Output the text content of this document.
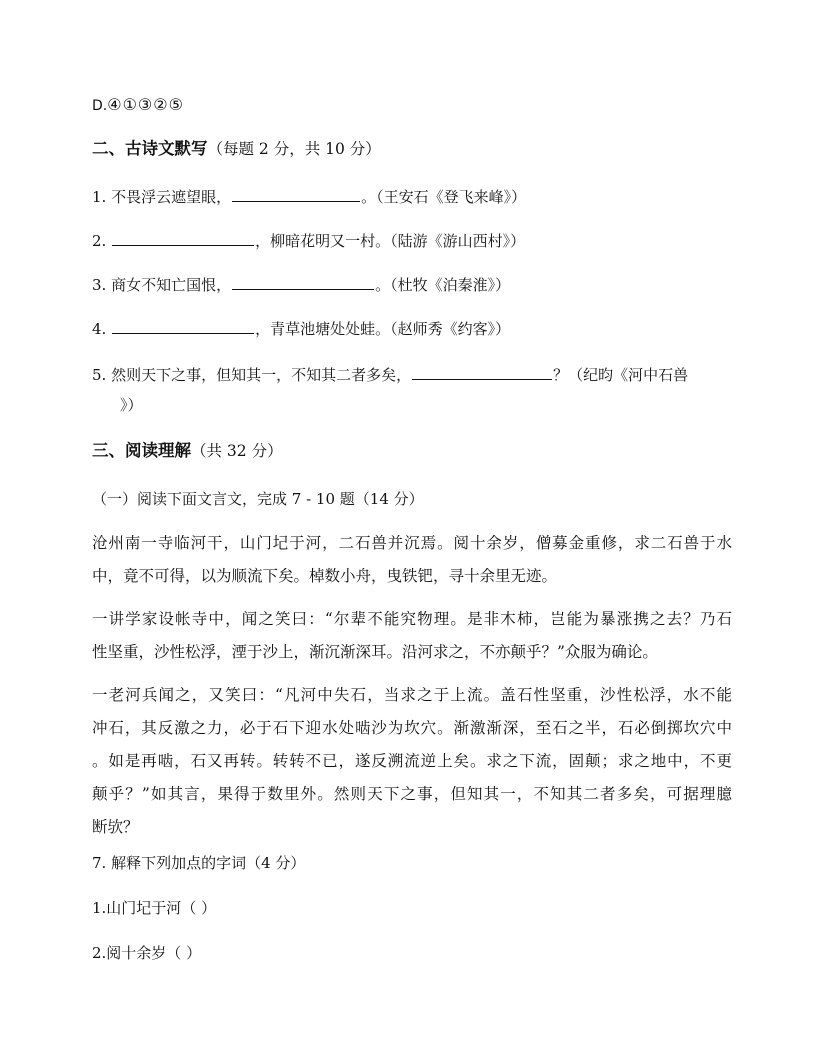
D.④①③②⑤
二、古诗文默写（每题 2 分，共 10 分）
1. 不畏浮云遮望眼，	。（王安石《登飞来峰》）
2.	，柳暗花明又一村。（陆游《游山西村》）
3. 商女不知亡国恨，	。（杜牧《泊秦淮》）
4.	，青草池塘处处蛙。（赵师秀《约客》）
5. 然则天下之事，但知其一，不知其二者多矣，	？（纪昀《河中石兽
》）
三、阅读理解（共 32 分）
（一）阅读下面文言文，完成 7 - 10 题（14 分）
沧州南一寺临河干，山门圮于河，二石兽并沉焉。阅十余岁，僧募金重修，求二石兽于水
中，竟不可得，以为顺流下矣。棹数小舟，曳铁钯，寻十余里无迹。
一讲学家设帐寺中，闻之笑曰：“尔辈不能究物理。是非木柿，岂能为暴涨携之去？乃石
性坚重，沙性松浮，湮于沙上，渐沉渐深耳。沿河求之，不亦颠乎？”众服为确论。
一老河兵闻之，又笑曰：“凡河中失石，当求之于上流。盖石性坚重，沙性松浮，水不能
冲石，其反激之力，必于石下迎水处啮沙为坎穴。渐激渐深，至石之半，石必倒掷坎穴中
。如是再啮，石又再转。转转不已，遂反溯流逆上矣。求之下流，固颠；求之地中，不更
颠乎？”如其言，果得于数里外。然则天下之事，但知其一，不知其二者多矣，可据理臆
断欤？
7. 解释下列加点的字词（4 分）
1.山门圮于河（ ）
2.阅十余岁（ ）
